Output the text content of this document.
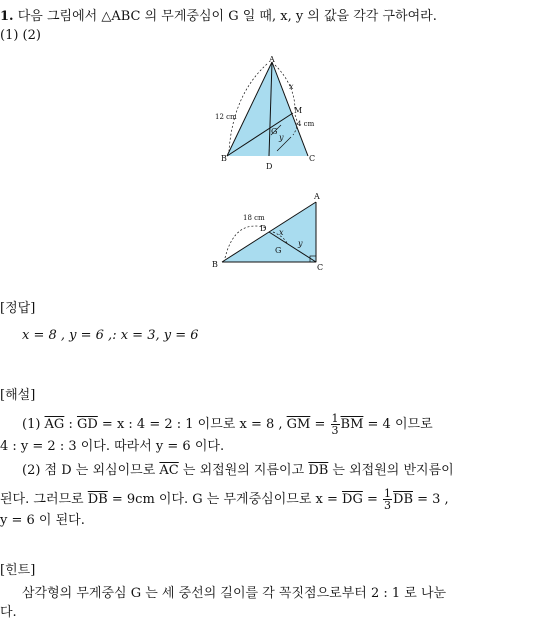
1. 다음 그림에서 △ABC 의 무게중심이 G 일 때, x, y 의 값을 각각 구하여라.
(1) (2)
A
B	C
D
M
G
x
y
12 cm
4 cm
A
B	C
D
G
x
y
18 cm
[정답]
x = 8 , y = 6 ,: x = 3, y = 6
[해설]
(1) $\overline{AG}$ : $\overline{GD} = x$ : 4 = 2 : 1 이므로 x = 8 , $\overline{GM} = \frac{1}{3} \overline{BM} = 4$ 이므로
4 : y = 2 : 3 이다. 따라서 y = 6 이다.
(2) 점 D 는 외심이므로 $\overline{AC}$ 는 외접원의 지름이고 $\overline{DB}$ 는 외접원의 반지름이
된다. 그러므로 $\overline{DB} = 9cm$ 이다. G 는 무게중심이므로 $x = \overline{DG} = \frac{1}{3} \overline{DB} = 3$ ,
y = 6 이 된다.
[힌트]
삼각형의 무게중심 G 는 세 중선의 길이를 각 꼭짓점으로부터 2 : 1 로 나눈
다.
